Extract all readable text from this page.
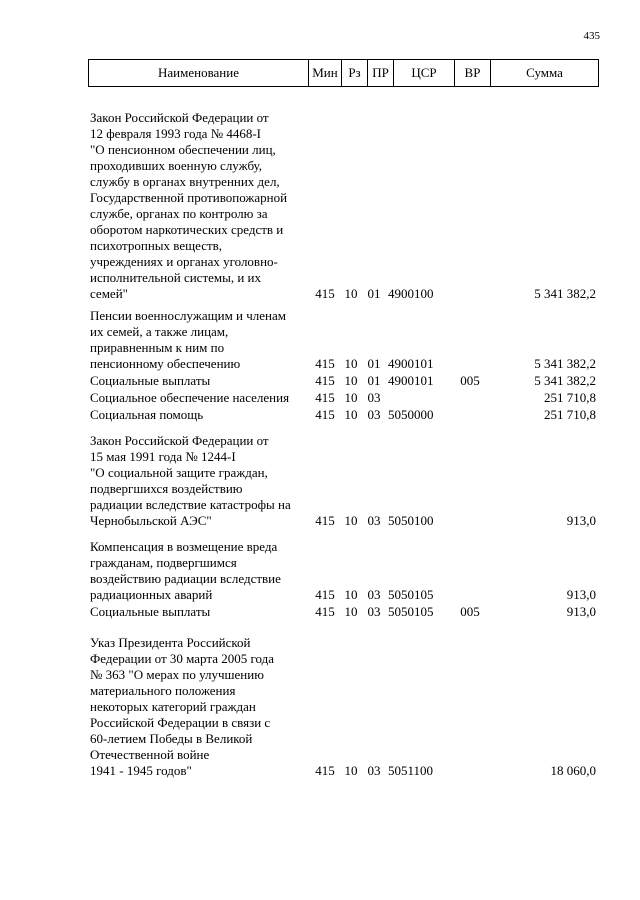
435
Наименование	Мин Рз ПР	ЦСР	ВР	Сумма
Закон Российской Федерации от
12 февраля 1993 года № 4468-I
"О пенсионном обеспечении лиц,
проходивших военную службу,
службу в органах внутренних дел,
Государственной противопожарной
службе, органах по контролю за
оборотом наркотических средств и
психотропных веществ,
учреждениях и органах уголовно-
исполнительной системы, и их
семей"	415 10 01 4900100	5 341 382,2
Пенсии военнослужащим и членам
их семей, а также лицам,
приравненным к ним по
пенсионному обеспечению	415 10 01 4900101	5 341 382,2
Социальные выплаты	415 10 01 4900101	005	5 341 382,2
Социальное обеспечение населения	415 10 03	251 710,8
Социальная помощь	415 10 03 5050000	251 710,8
Закон Российской Федерации от
15 мая 1991 года № 1244-I
"О социальной защите граждан,
подвергшихся воздействию
радиации вследствие катастрофы на
Чернобыльской АЭС"	415 10 03 5050100	913,0
Компенсация в возмещение вреда
гражданам, подвергшимся
воздействию радиации вследствие
радиационных аварий	415 10 03 5050105	913,0
Социальные выплаты	415 10 03 5050105	005	913,0
Указ Президента Российской
Федерации от 30 марта 2005 года
№ 363 "О мерах по улучшению
материального положения
некоторых категорий граждан
Российской Федерации в связи с
60-летием Победы в Великой
Отечественной войне
1941 - 1945 годов"	415 10 03 5051100	18 060,0
